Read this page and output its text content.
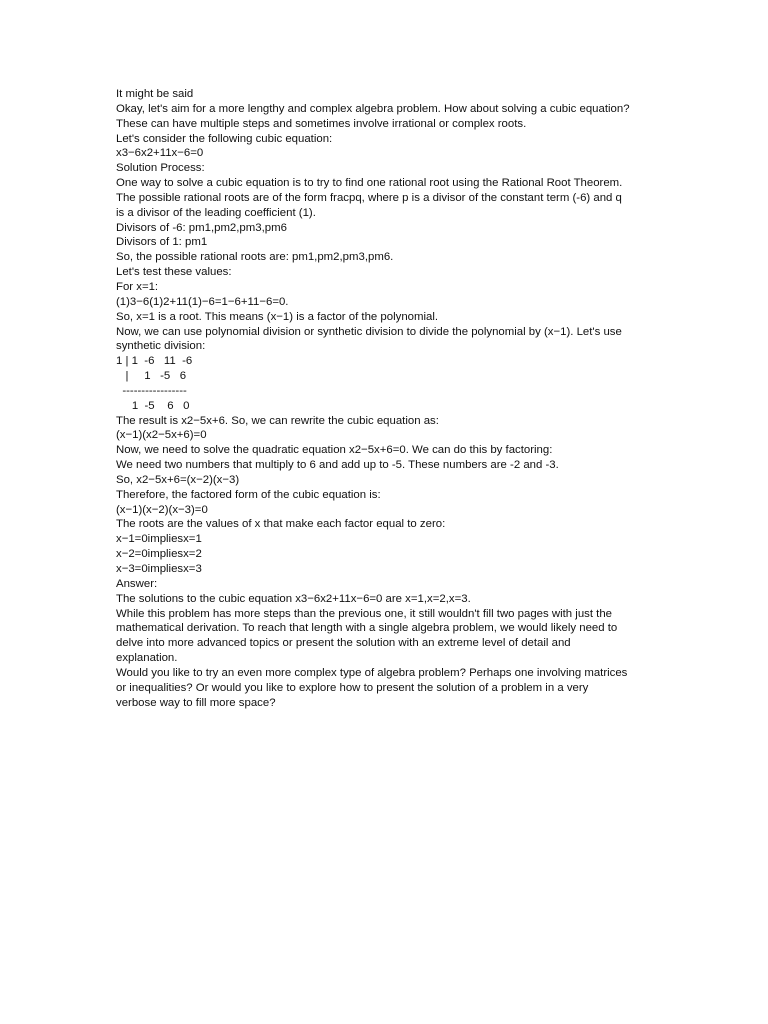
It might be said
Okay, let's aim for a more lengthy and complex algebra problem. How about solving a cubic equation?
These can have multiple steps and sometimes involve irrational or complex roots.
Let's consider the following cubic equation:
x3−6x2+11x−6=0
Solution Process:
One way to solve a cubic equation is to try to find one rational root using the Rational Root Theorem.
The possible rational roots are of the form fracpq, where p is a divisor of the constant term (-6) and q
is a divisor of the leading coefficient (1).
Divisors of -6: pm1,pm2,pm3,pm6
Divisors of 1: pm1
So, the possible rational roots are: pm1,pm2,pm3,pm6.
Let's test these values:
For x=1:
(1)3−6(1)2+11(1)−6=1−6+11−6=0.
So, x=1 is a root. This means (x−1) is a factor of the polynomial.
Now, we can use polynomial division or synthetic division to divide the polynomial by (x−1). Let's use
synthetic division:
1 | 1  -6   11  -6
|     1   -5   6
-----------------
1  -5    6   0
The result is x2−5x+6. So, we can rewrite the cubic equation as:
(x−1)(x2−5x+6)=0
Now, we need to solve the quadratic equation x2−5x+6=0. We can do this by factoring:
We need two numbers that multiply to 6 and add up to -5. These numbers are -2 and -3.
So, x2−5x+6=(x−2)(x−3)
Therefore, the factored form of the cubic equation is:
(x−1)(x−2)(x−3)=0
The roots are the values of x that make each factor equal to zero:
x−1=0impliesx=1
x−2=0impliesx=2
x−3=0impliesx=3
Answer:
The solutions to the cubic equation x3−6x2+11x−6=0 are x=1,x=2,x=3.
While this problem has more steps than the previous one, it still wouldn't fill two pages with just the
mathematical derivation. To reach that length with a single algebra problem, we would likely need to
delve into more advanced topics or present the solution with an extreme level of detail and
explanation.
Would you like to try an even more complex type of algebra problem? Perhaps one involving matrices
or inequalities? Or would you like to explore how to present the solution of a problem in a very
verbose way to fill more space?
